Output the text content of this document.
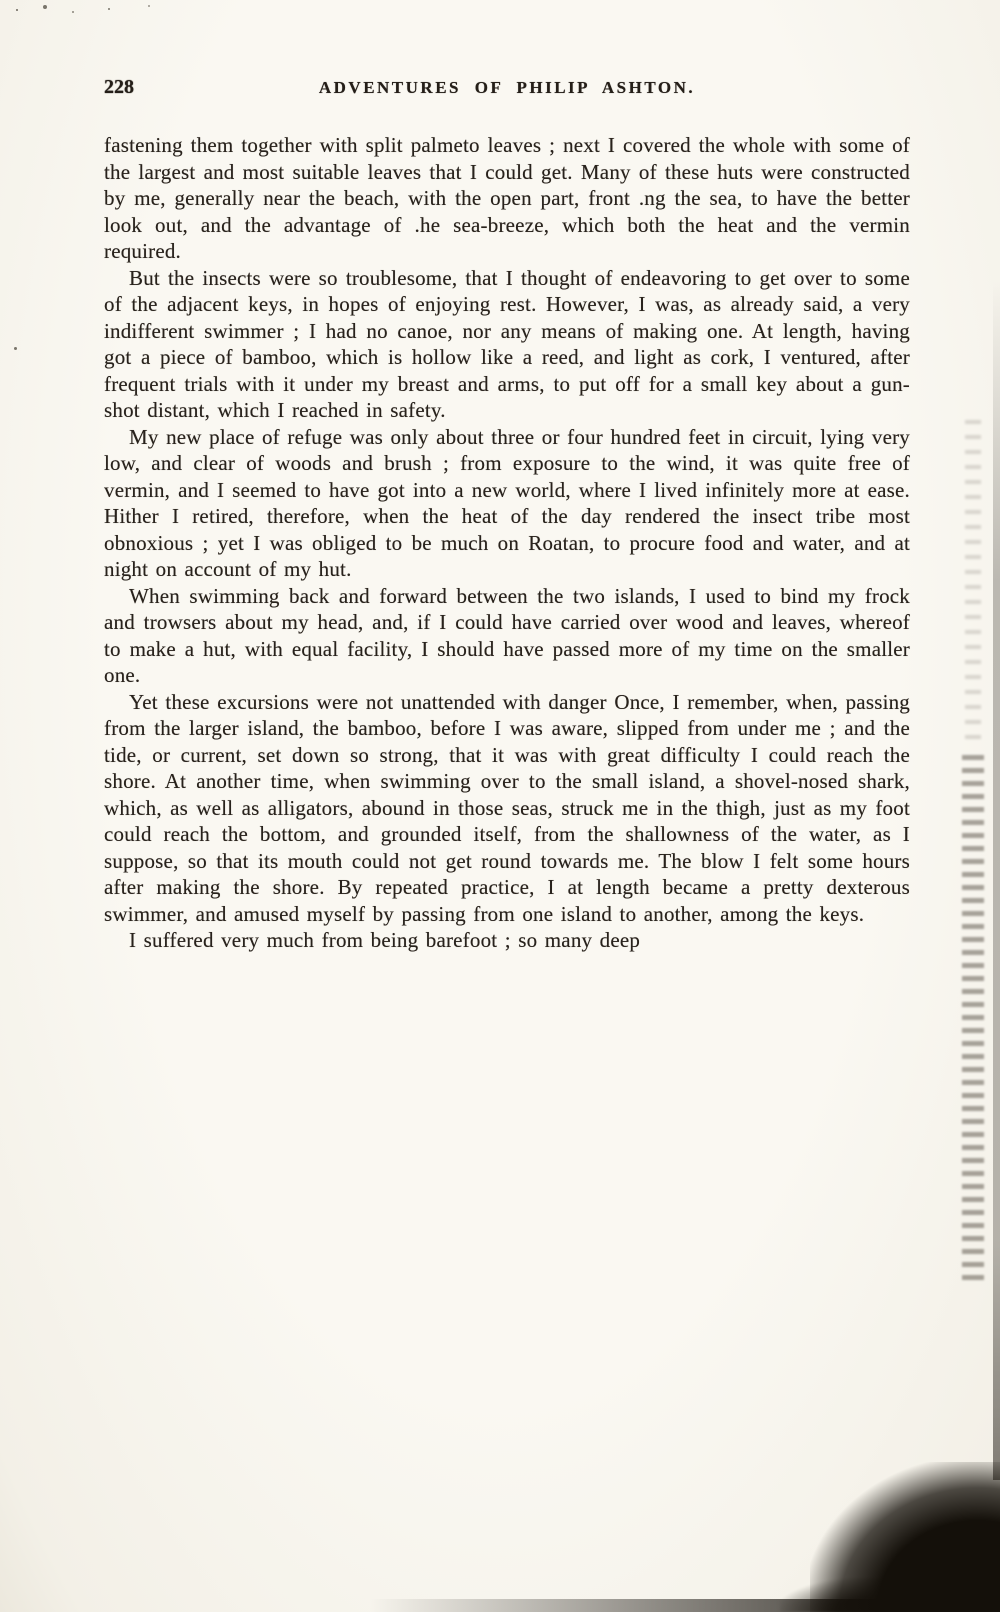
228	ADVENTURES OF PHILIP ASHTON.

fastening them together with split palmeto leaves ; next I covered the whole with some of the largest and most suitable leaves that I could get. Many of these huts were constructed by me, generally near the beach, with the open part, front .ng the sea, to have the better look out, and the advantage of .he sea-breeze, which both the heat and the vermin required.

But the insects were so troublesome, that I thought of endeavoring to get over to some of the adjacent keys, in hopes of enjoying rest. However, I was, as already said, a very indifferent swimmer ; I had no canoe, nor any means of making one. At length, having got a piece of bamboo, which is hollow like a reed, and light as cork, I ventured, after frequent trials with it under my breast and arms, to put off for a small key about a gun-shot distant, which I reached in safety.

My new place of refuge was only about three or four hundred feet in circuit, lying very low, and clear of woods and brush ; from exposure to the wind, it was quite free of vermin, and I seemed to have got into a new world, where I lived infinitely more at ease. Hither I retired, therefore, when the heat of the day rendered the insect tribe most obnoxious ; yet I was obliged to be much on Roatan, to procure food and water, and at night on account of my hut.

When swimming back and forward between the two islands, I used to bind my frock and trowsers about my head, and, if I could have carried over wood and leaves, whereof to make a hut, with equal facility, I should have passed more of my time on the smaller one.

Yet these excursions were not unattended with danger Once, I remember, when, passing from the larger island, the bamboo, before I was aware, slipped from under me ; and the tide, or current, set down so strong, that it was with great difficulty I could reach the shore. At another time, when swimming over to the small island, a shovel-nosed shark, which, as well as alligators, abound in those seas, struck me in the thigh, just as my foot could reach the bottom, and grounded itself, from the shallowness of the water, as I suppose, so that its mouth could not get round towards me. The blow I felt some hours after making the shore. By repeated practice, I at length became a pretty dexterous swimmer, and amused myself by passing from one island to another, among the keys.

I suffered very much from being barefoot ; so many deep
